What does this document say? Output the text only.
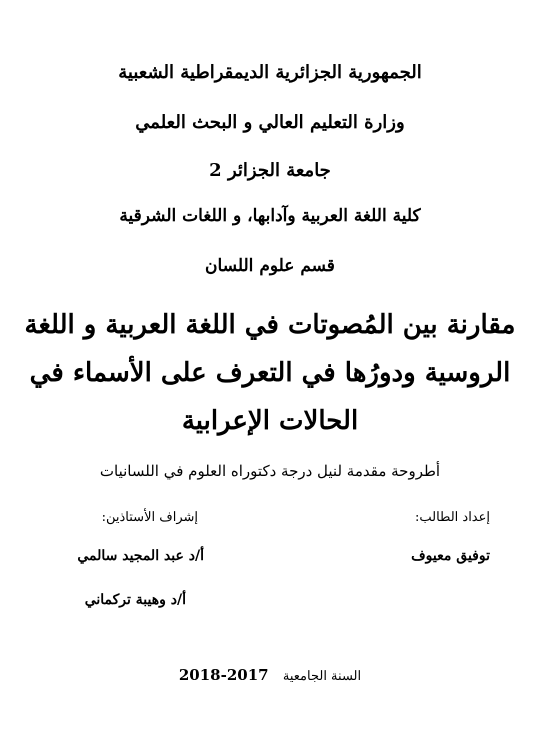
الجمهورية الجزائرية الديمقراطية الشعبية
وزارة التعليم العالي و البحث العلمي
جامعة الجزائر 2
كلية اللغة العربية وآدابها، و اللغات الشرقية
قسم علوم اللسان
مقارنة بين المُصوتات في اللغة العربية و اللغة
الروسية ودورُها في التعرف على الأسماء في
الحالات الإعرابية
أطروحة مقدمة لنيل درجة دكتوراه العلوم في اللسانيات
إعداد الطالب:
توفيق معيوف
إشراف الأستاذين:
أ/د عبد المجيد سالمي
أ/د وهيبة تركماني
السنة الجامعية  2017-2018
